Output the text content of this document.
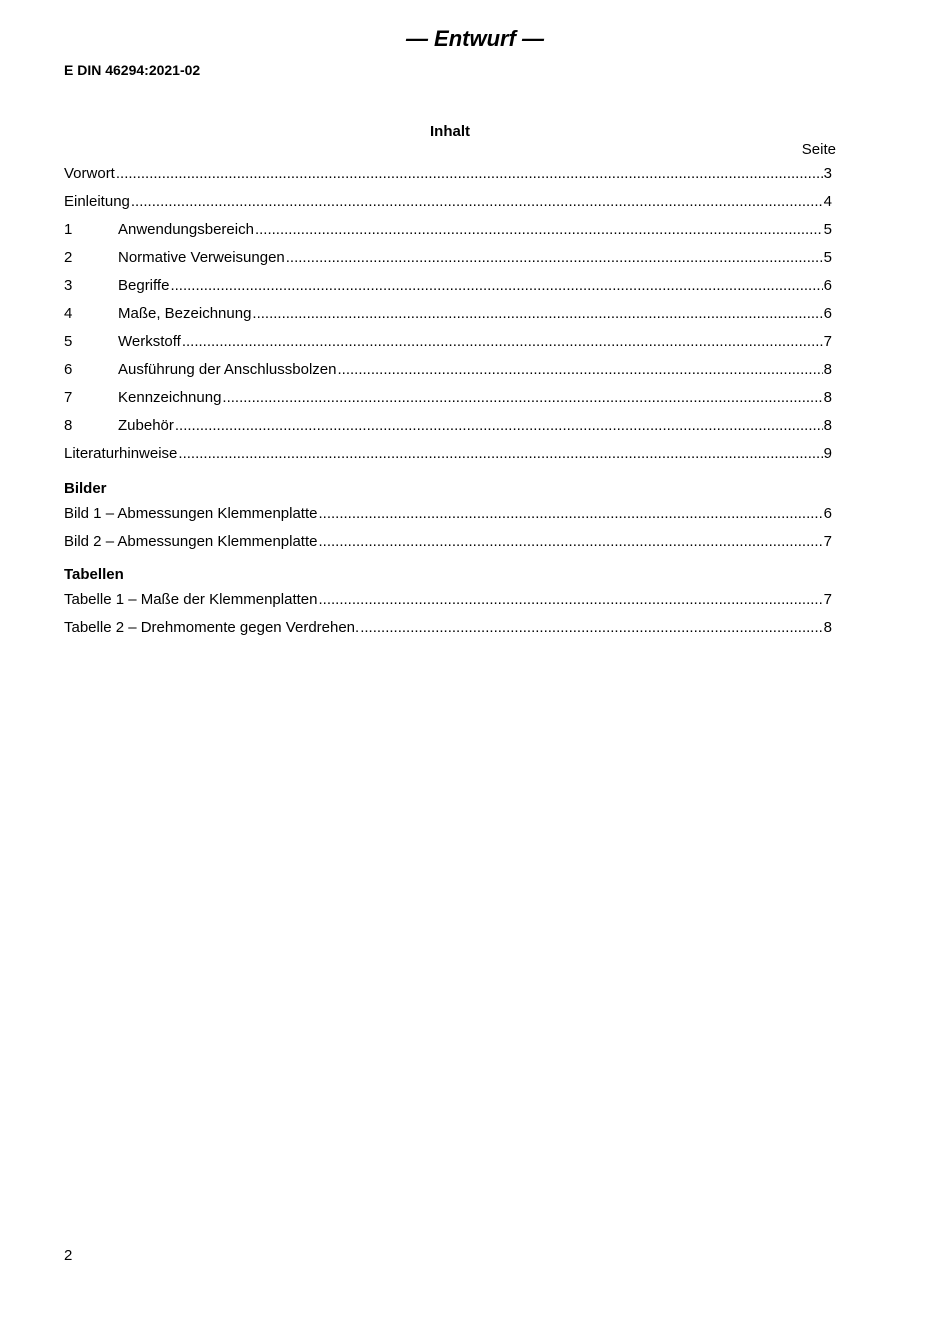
— Entwurf —
E DIN 46294:2021-02
Inhalt
Seite
Vorwort .....	3
Einleitung .....	4
1	Anwendungsbereich .....	5
2	Normative Verweisungen .....	5
3	Begriffe .....	6
4	Maße, Bezeichnung .....	6
5	Werkstoff .....	7
6	Ausführung der Anschlussbolzen .....	8
7	Kennzeichnung .....	8
8	Zubehör .....	8
Literaturhinweise .....	9
Bilder
Bild 1 – Abmessungen Klemmenplatte .....	6
Bild 2 – Abmessungen Klemmenplatte .....	7
Tabellen
Tabelle 1 – Maße der Klemmenplatten .....	7
Tabelle 2 – Drehmomente gegen Verdrehen. .....	8
2
